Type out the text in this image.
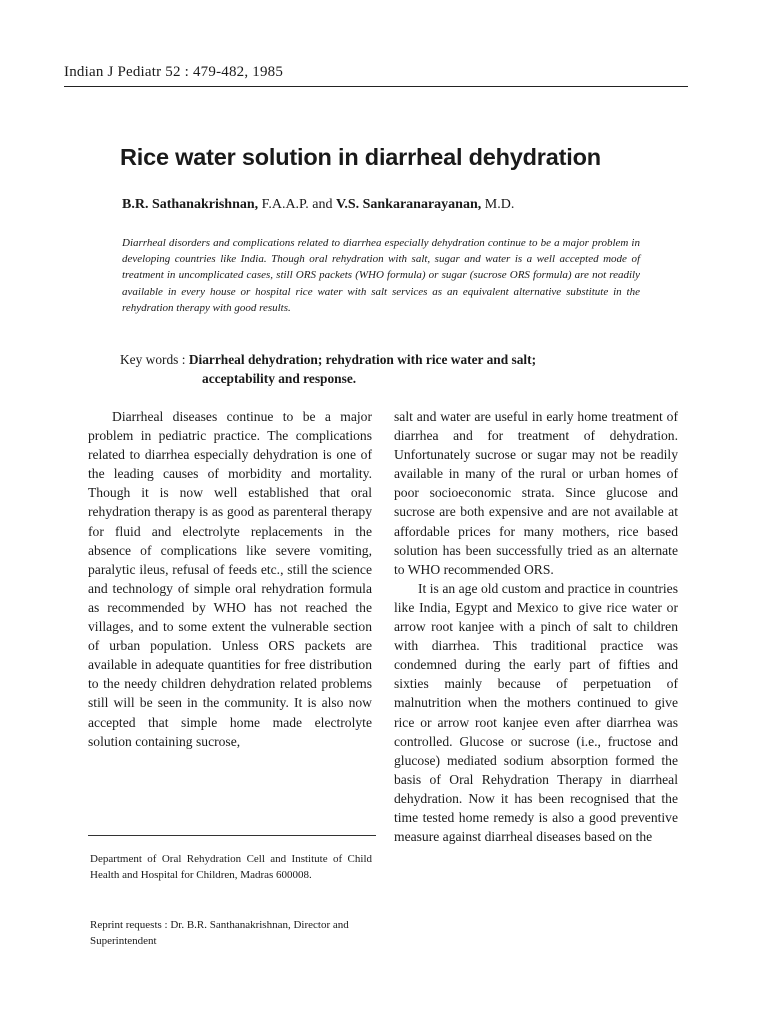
Indian J Pediatr 52 : 479-482, 1985
Rice water solution in diarrheal dehydration
B.R. Sathanakrishnan, F.A.A.P. and V.S. Sankaranarayanan, M.D.

Diarrheal disorders and complications related to diarrhea especially dehydration continue to be a major problem in developing countries like India. Though oral rehydration with salt, sugar and water is a well accepted mode of treatment in uncomplicated cases, still ORS packets (WHO formula) or sugar (sucrose ORS formula) are not readily available in every house or hospital rice water with salt services as an equivalent alternative substitute in the rehydration therapy with good results.

Key words : Diarrheal dehydration; rehydration with rice water and salt;
acceptability and response.

Diarrheal diseases continue to be a major problem in pediatric practice. The complications related to diarrhea especially dehydration is one of the leading causes of morbidity and mortality. Though it is now well established that oral rehydration therapy is as good as parenteral therapy for fluid and electrolyte replacements in the absence of complications like severe vomiting, paralytic ileus, refusal of feeds etc., still the science and technology of simple oral rehydration formula as recommended by WHO has not reached the villages, and to some extent the vulnerable section of urban population. Unless ORS packets are available in adequate quantities for free distribution to the needy children dehydration related problems still will be seen in the community. It is also now accepted that simple home made electrolyte solution containing sucrose,

salt and water are useful in early home treatment of diarrhea and for treatment of dehydration. Unfortunately sucrose or sugar may not be readily available in many of the rural or urban homes of poor socioeconomic strata. Since glucose and sucrose are both expensive and are not available at affordable prices for many mothers, rice based solution has been successfully tried as an alternate to WHO recommended ORS.

It is an age old custom and practice in countries like India, Egypt and Mexico to give rice water or arrow root kanjee with a pinch of salt to children with diarrhea. This traditional practice was condemned during the early part of fifties and sixties mainly because of perpetuation of malnutrition when the mothers continued to give rice or arrow root kanjee even after diarrhea was controlled. Glucose or sucrose (i.e., fructose and glucose) mediated sodium absorption formed the basis of Oral Rehydration Therapy in diarrheal dehydration. Now it has been recognised that the time tested home remedy is also a good preventive measure against diarrheal diseases based on the

Department of Oral Rehydration Cell and Institute of Child Health and Hospital for Children, Madras 600008.

Reprint requests : Dr. B.R. Santhanakrishnan, Director and Superintendent
